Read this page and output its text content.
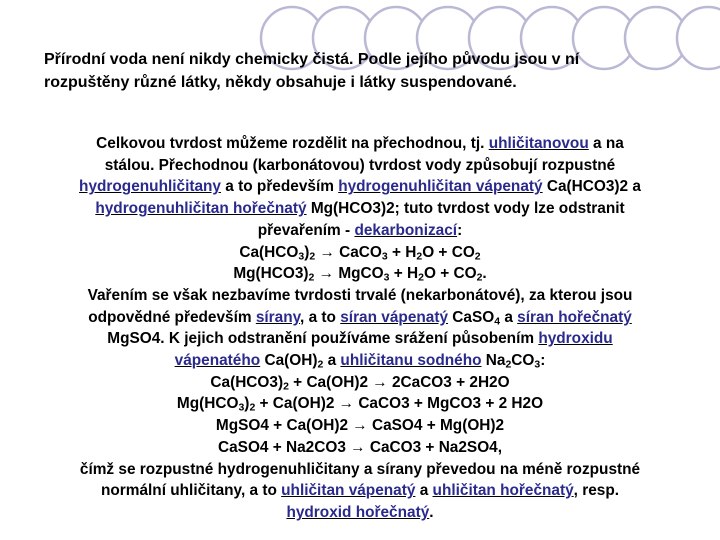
Přírodní voda není nikdy chemicky čistá. Podle jejího původu jsou v ní
rozpuštěny různé látky, někdy obsahuje i látky suspendované.
Celkovou tvrdost můžeme rozdělit na přechodnou, tj. uhličitanovou a na
stálou. Přechodnou (karbonátovou) tvrdost vody způsobují rozpustné
hydrogenuhličitany a to především hydrogenuhličitan vápenatý Ca(HCO3)2 a
hydrogenuhličitan hořečnatý Mg(HCO3)2; tuto tvrdost vody lze odstranit
převařením - dekarbonizací:
$Ca(HCO_3)_2$ → CaCO$_3$ + $H_2O + CO_2$
$Mg(HCO3)_2$ → MgCO$_3$ + $H_2O + CO_2$.
Vařením se však nezbavíme tvrdosti trvalé (nekarbonátové), za kterou jsou
odpovědné především sírany, a to síran vápenatý CaSO$_4$ a síran hořečnatý
MgSO4. K jejich odstranění používáme srážení působením hydroxidu
vápenatého $Ca(OH)_2$ a uhličitanu sodného $Na_2CO_3$:
$Ca(HCO3)_2 + Ca(OH)2$ → 2CaCO3 + 2H2O
$Mg(HCO_3)_2 + Ca(OH)2$ → CaCO3 + MgCO3 + 2 H2O
MgSO4 + Ca(OH)2 → CaSO4 + Mg(OH)2
CaSO4 + Na2CO3 → CaCO3 + Na2SO4,
čímž se rozpustné hydrogenuhličitany a sírany převedou na méně rozpustné
normální uhličitany, a to uhličitan vápenatý a uhličitan hořečnatý, resp.
hydroxid hořečnatý.
